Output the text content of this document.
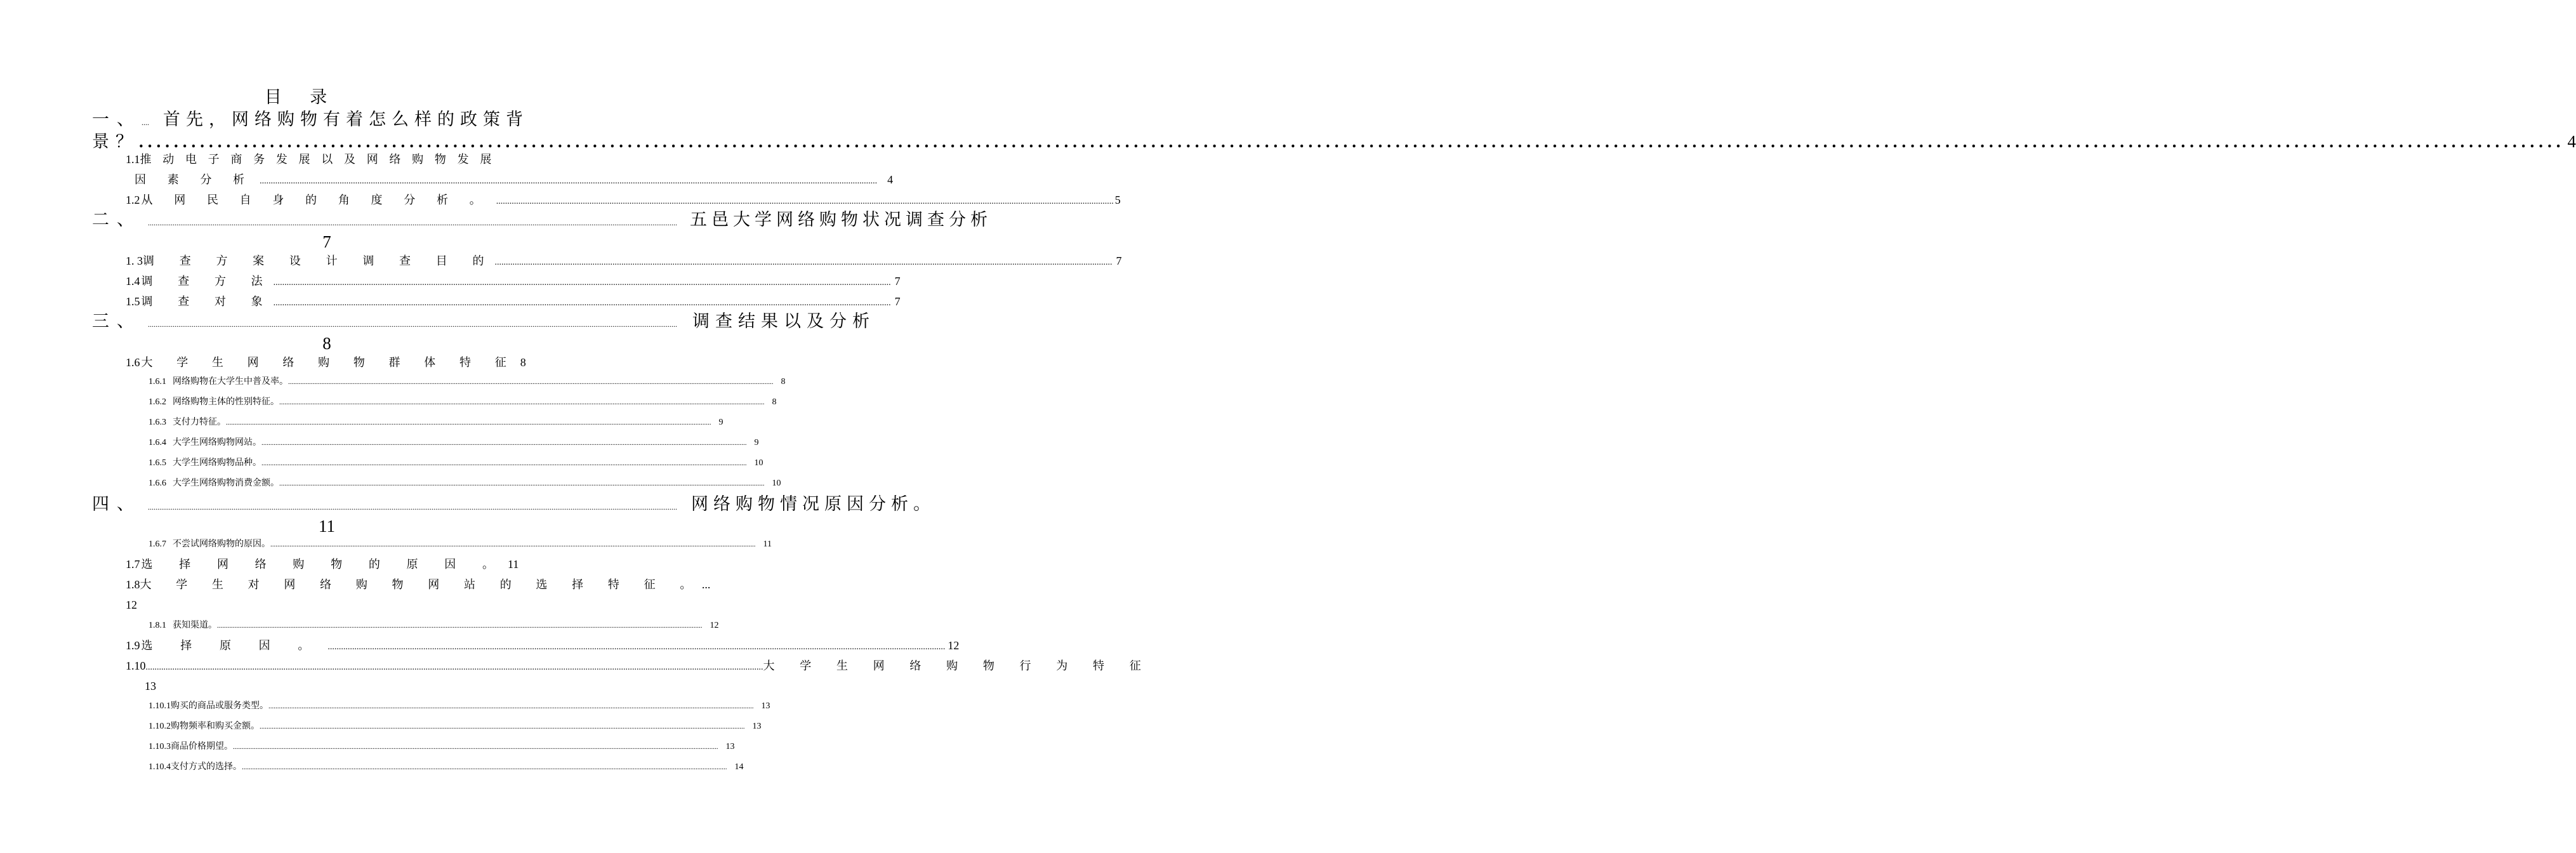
目 录
一、 .... 首先，网络购物有着怎么样的政策背
景？ .....	4
1.1 推 动 电 子 商 务 发 展 以 及 网 络 购 物 发 展
因 素 分 析 .....	4
1.2 从 网 民 自 身 的 角 度 分 析 。 .....	5
二、 .....	五邑大学网络购物状况调查分析
7
1. 3 调 查 方 案 设 计 调 查 目 的 .....	7
1.4 调 查 方 法 .....	7
1.5 调 查 对 象 .....	7
三、 .....	调查结果以及分析
8
1.6 大 学 生 网 络 购 物 群 体 特 征 8
1.6.1 网络购物在大学生中普及率。 .....	8
1.6.2 网络购物主体的性别特征。 .....	8
1.6.3 支付力特征。 .....	9
1.6.4 大学生网络购物网站。 .....	9
1.6.5 大学生网络购物品种。 .....	10
1.6.6 大学生网络购物消费金额。 .....	10
四、 .....	网络购物情况原因分析。
11
1.6.7 不尝试网络购物的原因。 .....	11
1.7 选 择 网 络 购 物 的 原 因 。 11
1.8 大 学 生 对 网 络 购 物 网 站 的 选 择 特 征 。 ...
12
1.8.1 获知渠道。 .....	12
1.9 选 择 原 因 。 .....	12
1.10 .....	大 学 生 网 络 购 物 行 为 特 征
13
1.10.1 购买的商品或服务类型。 .....	13
1.10.2 购物频率和购买金额。 .....	13
1.10.3 商品价格期望。 .....	13
1.10.4 支付方式的选择。 .....	14
